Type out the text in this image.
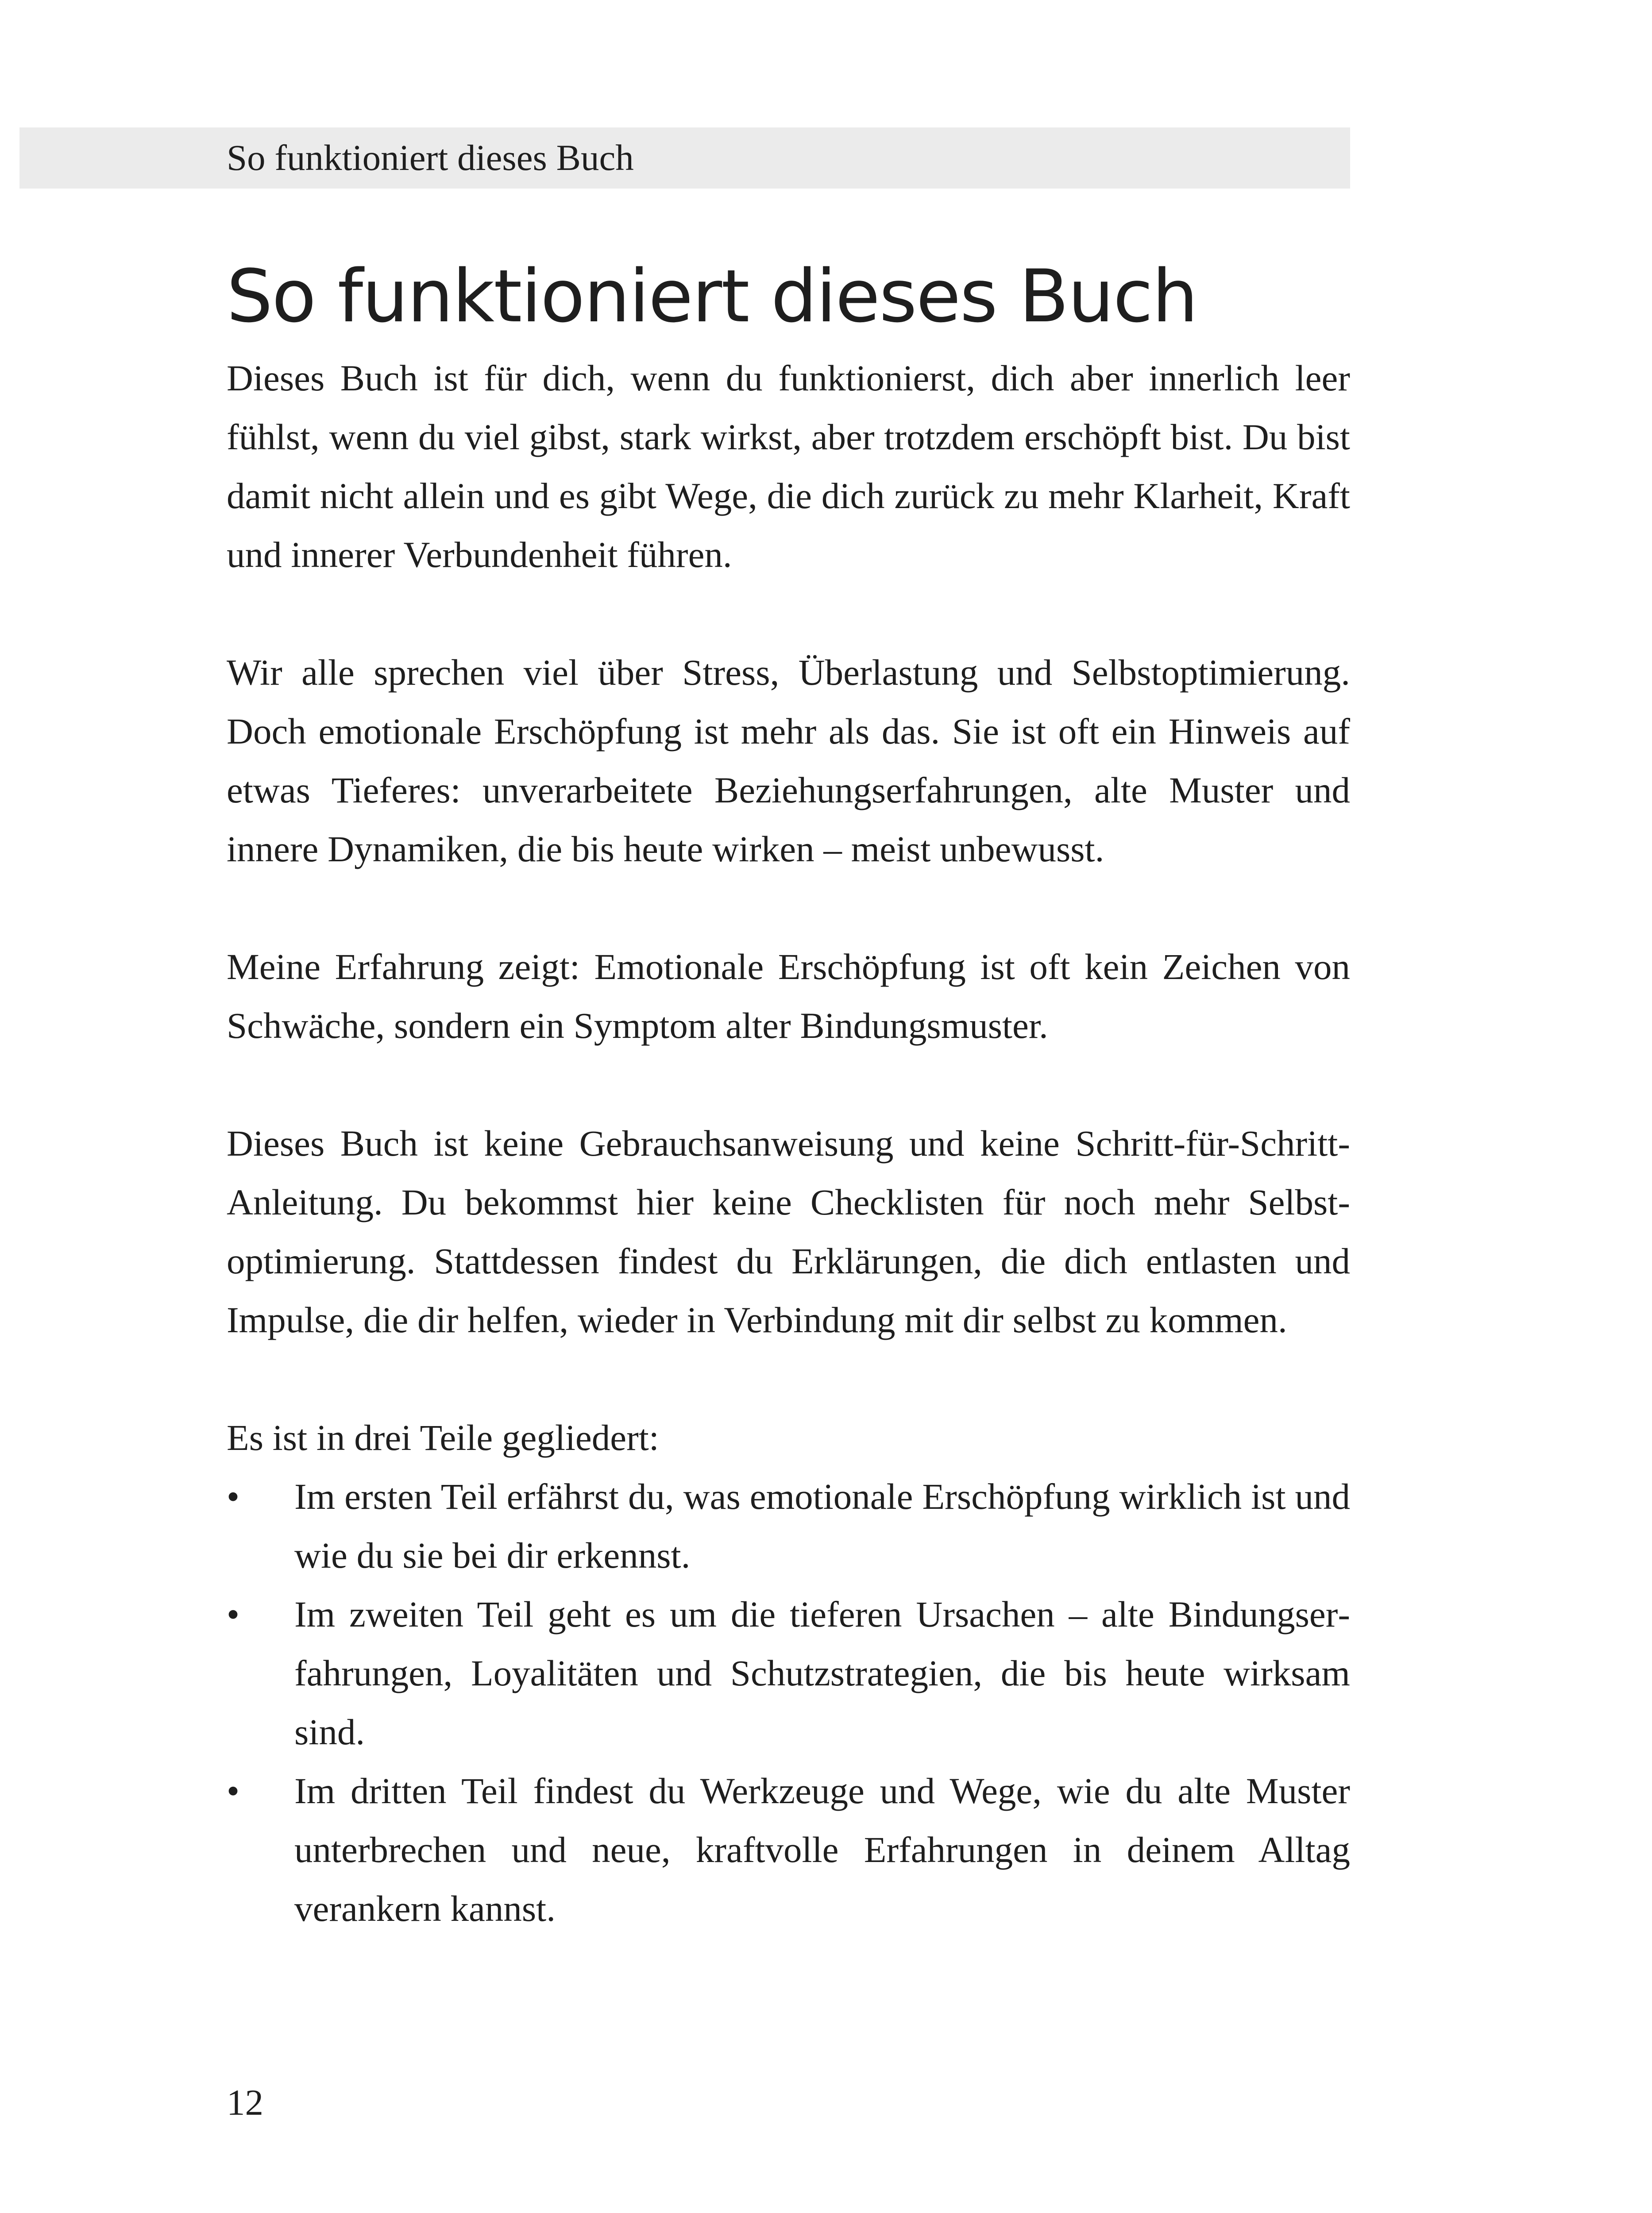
So funktioniert dieses Buch
So funktioniert dieses Buch

Dieses Buch ist für dich, wenn du funktionierst, dich aber innerlich leer fühlst, wenn du viel gibst, stark wirkst, aber trotzdem erschöpft bist. Du bist damit nicht allein und es gibt Wege, die dich zurück zu mehr Klarheit, Kraft und innerer Verbundenheit führen.

Wir alle sprechen viel über Stress, Überlastung und Selbstoptimierung. Doch emotionale Erschöpfung ist mehr als das. Sie ist oft ein Hinweis auf etwas Tieferes: unverarbeitete Beziehungserfahrungen, alte Muster und innere Dynamiken, die bis heute wirken – meist unbewusst.

Meine Erfahrung zeigt: Emotionale Erschöpfung ist oft kein Zeichen von Schwäche, sondern ein Symptom alter Bindungsmuster.

Dieses Buch ist keine Gebrauchsanweisung und keine Schritt-für-Schritt-Anleitung. Du bekommst hier keine Checklisten für noch mehr Selbstoptimierung. Stattdessen findest du Erklärungen, die dich entlasten und Impulse, die dir helfen, wieder in Verbindung mit dir selbst zu kommen.

Es ist in drei Teile gegliedert:

•	Im ersten Teil erfährst du, was emotionale Erschöpfung wirklich ist und wie du sie bei dir erkennst.
•	Im zweiten Teil geht es um die tieferen Ursachen – alte Bindungserfahrungen, Loyalitäten und Schutzstrategien, die bis heute wirksam sind.
•	Im dritten Teil findest du Werkzeuge und Wege, wie du alte Muster unterbrechen und neue, kraftvolle Erfahrungen in deinem Alltag verankern kannst.
12
